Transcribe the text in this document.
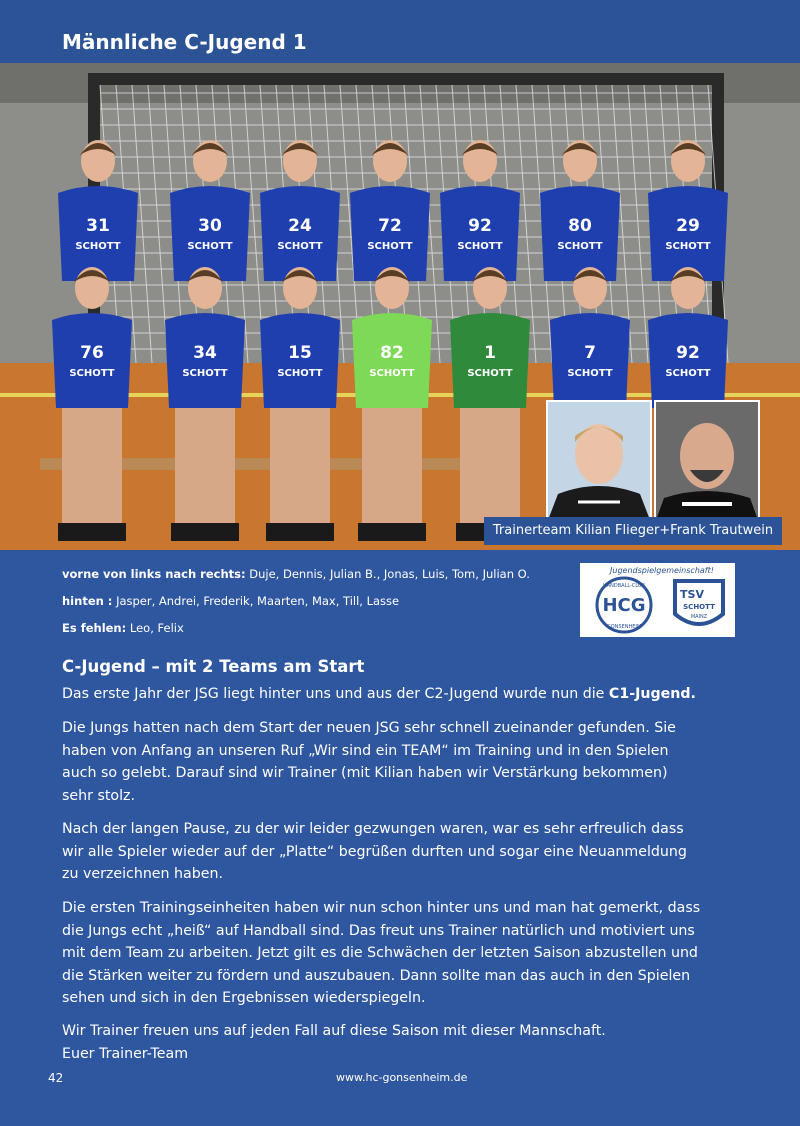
Männliche C-Jugend 1
31
SCHOTT
30
SCHOTT
24
SCHOTT
72
SCHOTT
92
SCHOTT
80
SCHOTT
29
SCHOTT
76
SCHOTT
34
SCHOTT
15
SCHOTT
82
SCHOTT
1
SCHOTT
7
SCHOTT
92
SCHOTT
Trainerteam Kilian Flieger+Frank Trautwein
vorne von links nach rechts: Duje, Dennis, Julian B., Jonas, Luis, Tom, Julian O.
hinten : Jasper, Andrei, Frederik, Maarten, Max, Till, Lasse
Es fehlen: Leo, Felix
Jugendspielgemeinschaft!
HCG
HANDBALL-CLUB
GONSENHEIM
TSV
SCHOTT
MAINZ
C-Jugend – mit 2 Teams am Start

Das erste Jahr der JSG liegt hinter uns und aus der C2-Jugend wurde nun die C1-Jugend.

Die Jungs hatten nach dem Start der neuen JSG sehr schnell zueinander gefunden. Sie
haben von Anfang an unseren Ruf „Wir sind ein TEAM“ im Training und in den Spielen
auch so gelebt. Darauf sind wir Trainer (mit Kilian haben wir Verstärkung bekommen)
sehr stolz.

Nach der langen Pause, zu der wir leider gezwungen waren, war es sehr erfreulich dass
wir alle Spieler wieder auf der „Platte“ begrüßen durften und sogar eine Neuanmeldung
zu verzeichnen haben.

Die ersten Trainingseinheiten haben wir nun schon hinter uns und man hat gemerkt, dass
die Jungs echt „heiß“ auf Handball sind. Das freut uns Trainer natürlich und motiviert uns
mit dem Team zu arbeiten. Jetzt gilt es die Schwächen der letzten Saison abzustellen und
die Stärken weiter zu fördern und auszubauen. Dann sollte man das auch in den Spielen
sehen und sich in den Ergebnissen wiederspiegeln.

Wir Trainer freuen uns auf jeden Fall auf diese Saison mit dieser Mannschaft.
Euer Trainer-Team

42	www.hc-gonsenheim.de
